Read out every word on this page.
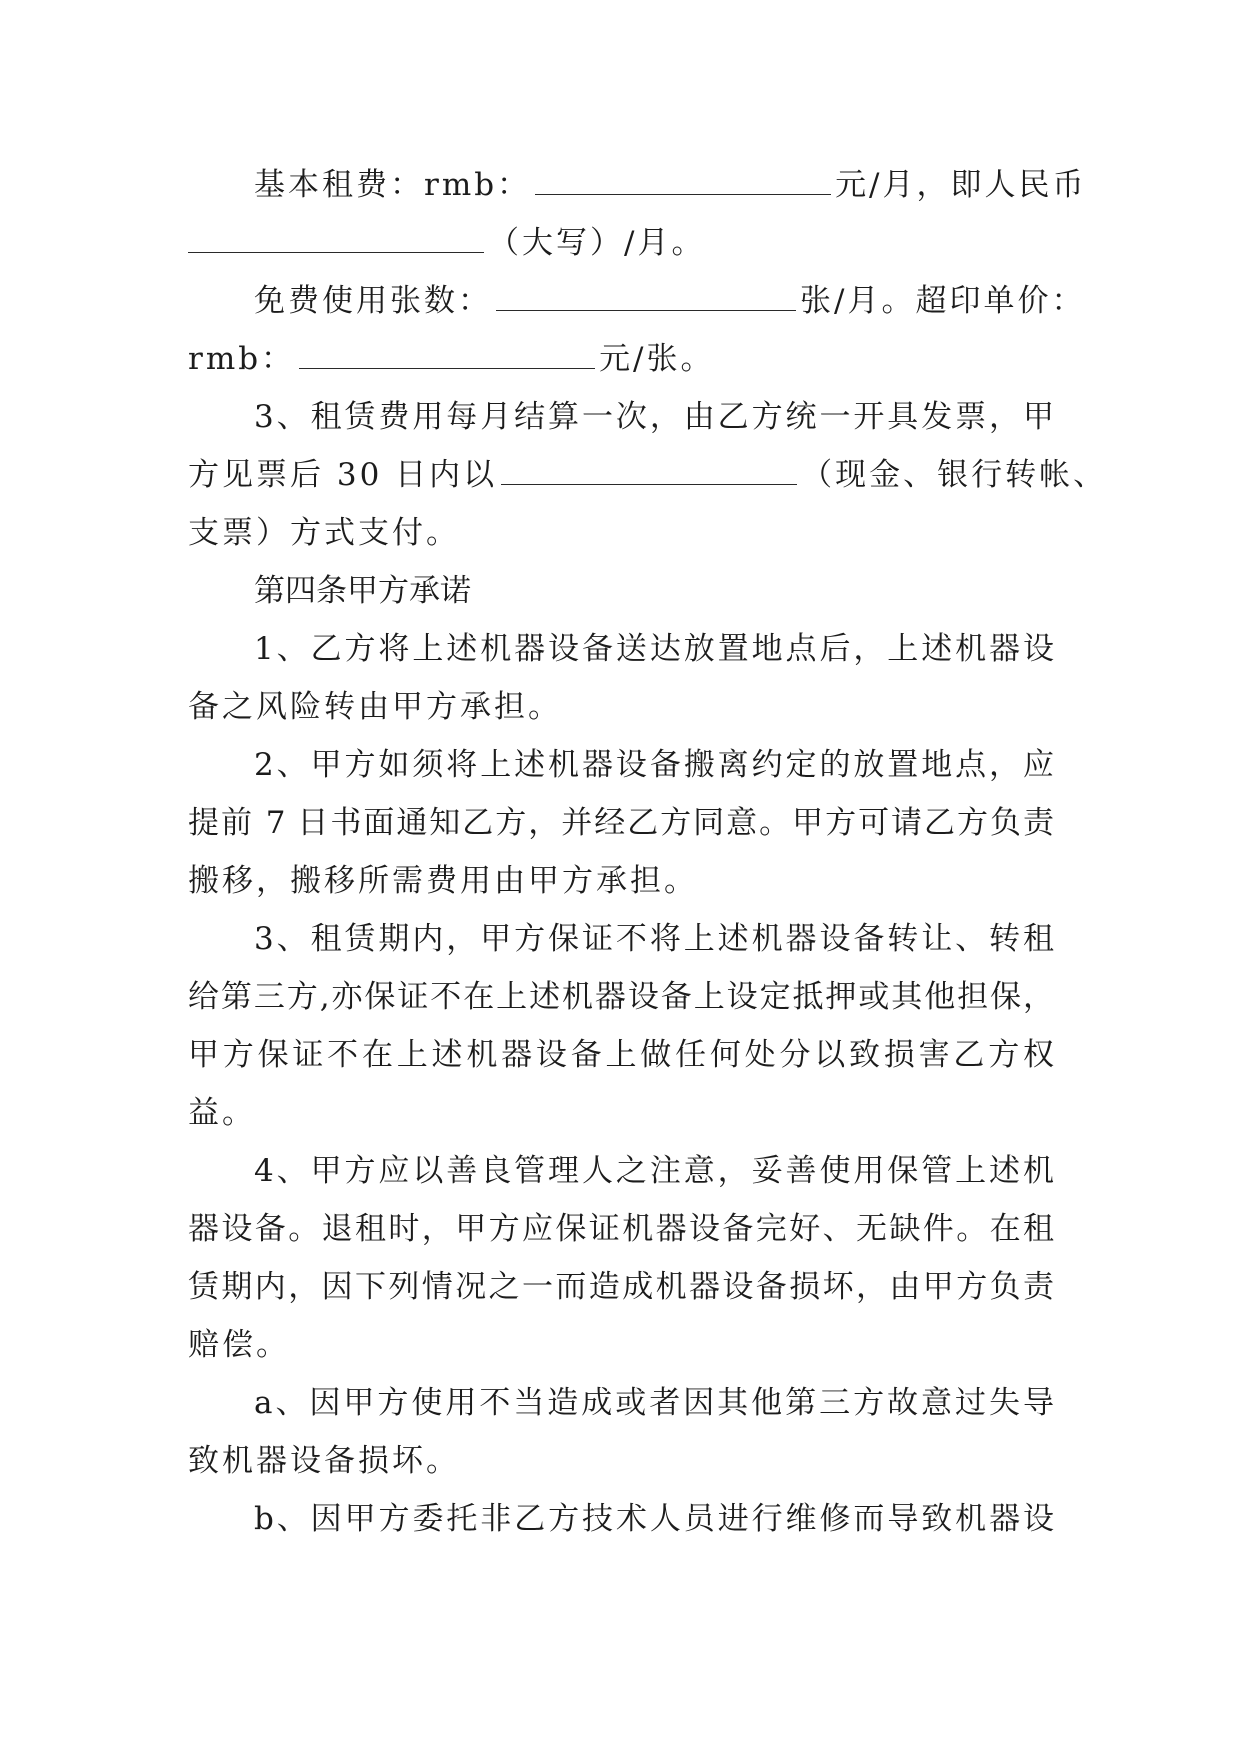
基本租费：rmb：	元/月，即人民币
（大写）/月。
免费使用张数：	张/月。超印单价：
rmb：	元/张。
3、租赁费用每月结算一次，由乙方统一开具发票，甲
方见票后 30 日内以	（现金、银行转帐、
支票）方式支付。
第四条甲方承诺
1、乙方将上述机器设备送达放置地点后，上述机器设
备之风险转由甲方承担。
2、甲方如须将上述机器设备搬离约定的放置地点，应
提前 7 日书面通知乙方，并经乙方同意。甲方可请乙方负责
搬移，搬移所需费用由甲方承担。
3、租赁期内，甲方保证不将上述机器设备转让、转租
给第三方,亦保证不在上述机器设备上设定抵押或其他担保，
甲方保证不在上述机器设备上做任何处分以致损害乙方权
益。
4、甲方应以善良管理人之注意，妥善使用保管上述机
器设备。退租时，甲方应保证机器设备完好、无缺件。在租
赁期内，因下列情况之一而造成机器设备损坏，由甲方负责
赔偿。
a、因甲方使用不当造成或者因其他第三方故意过失导
致机器设备损坏。
b、因甲方委托非乙方技术人员进行维修而导致机器设
